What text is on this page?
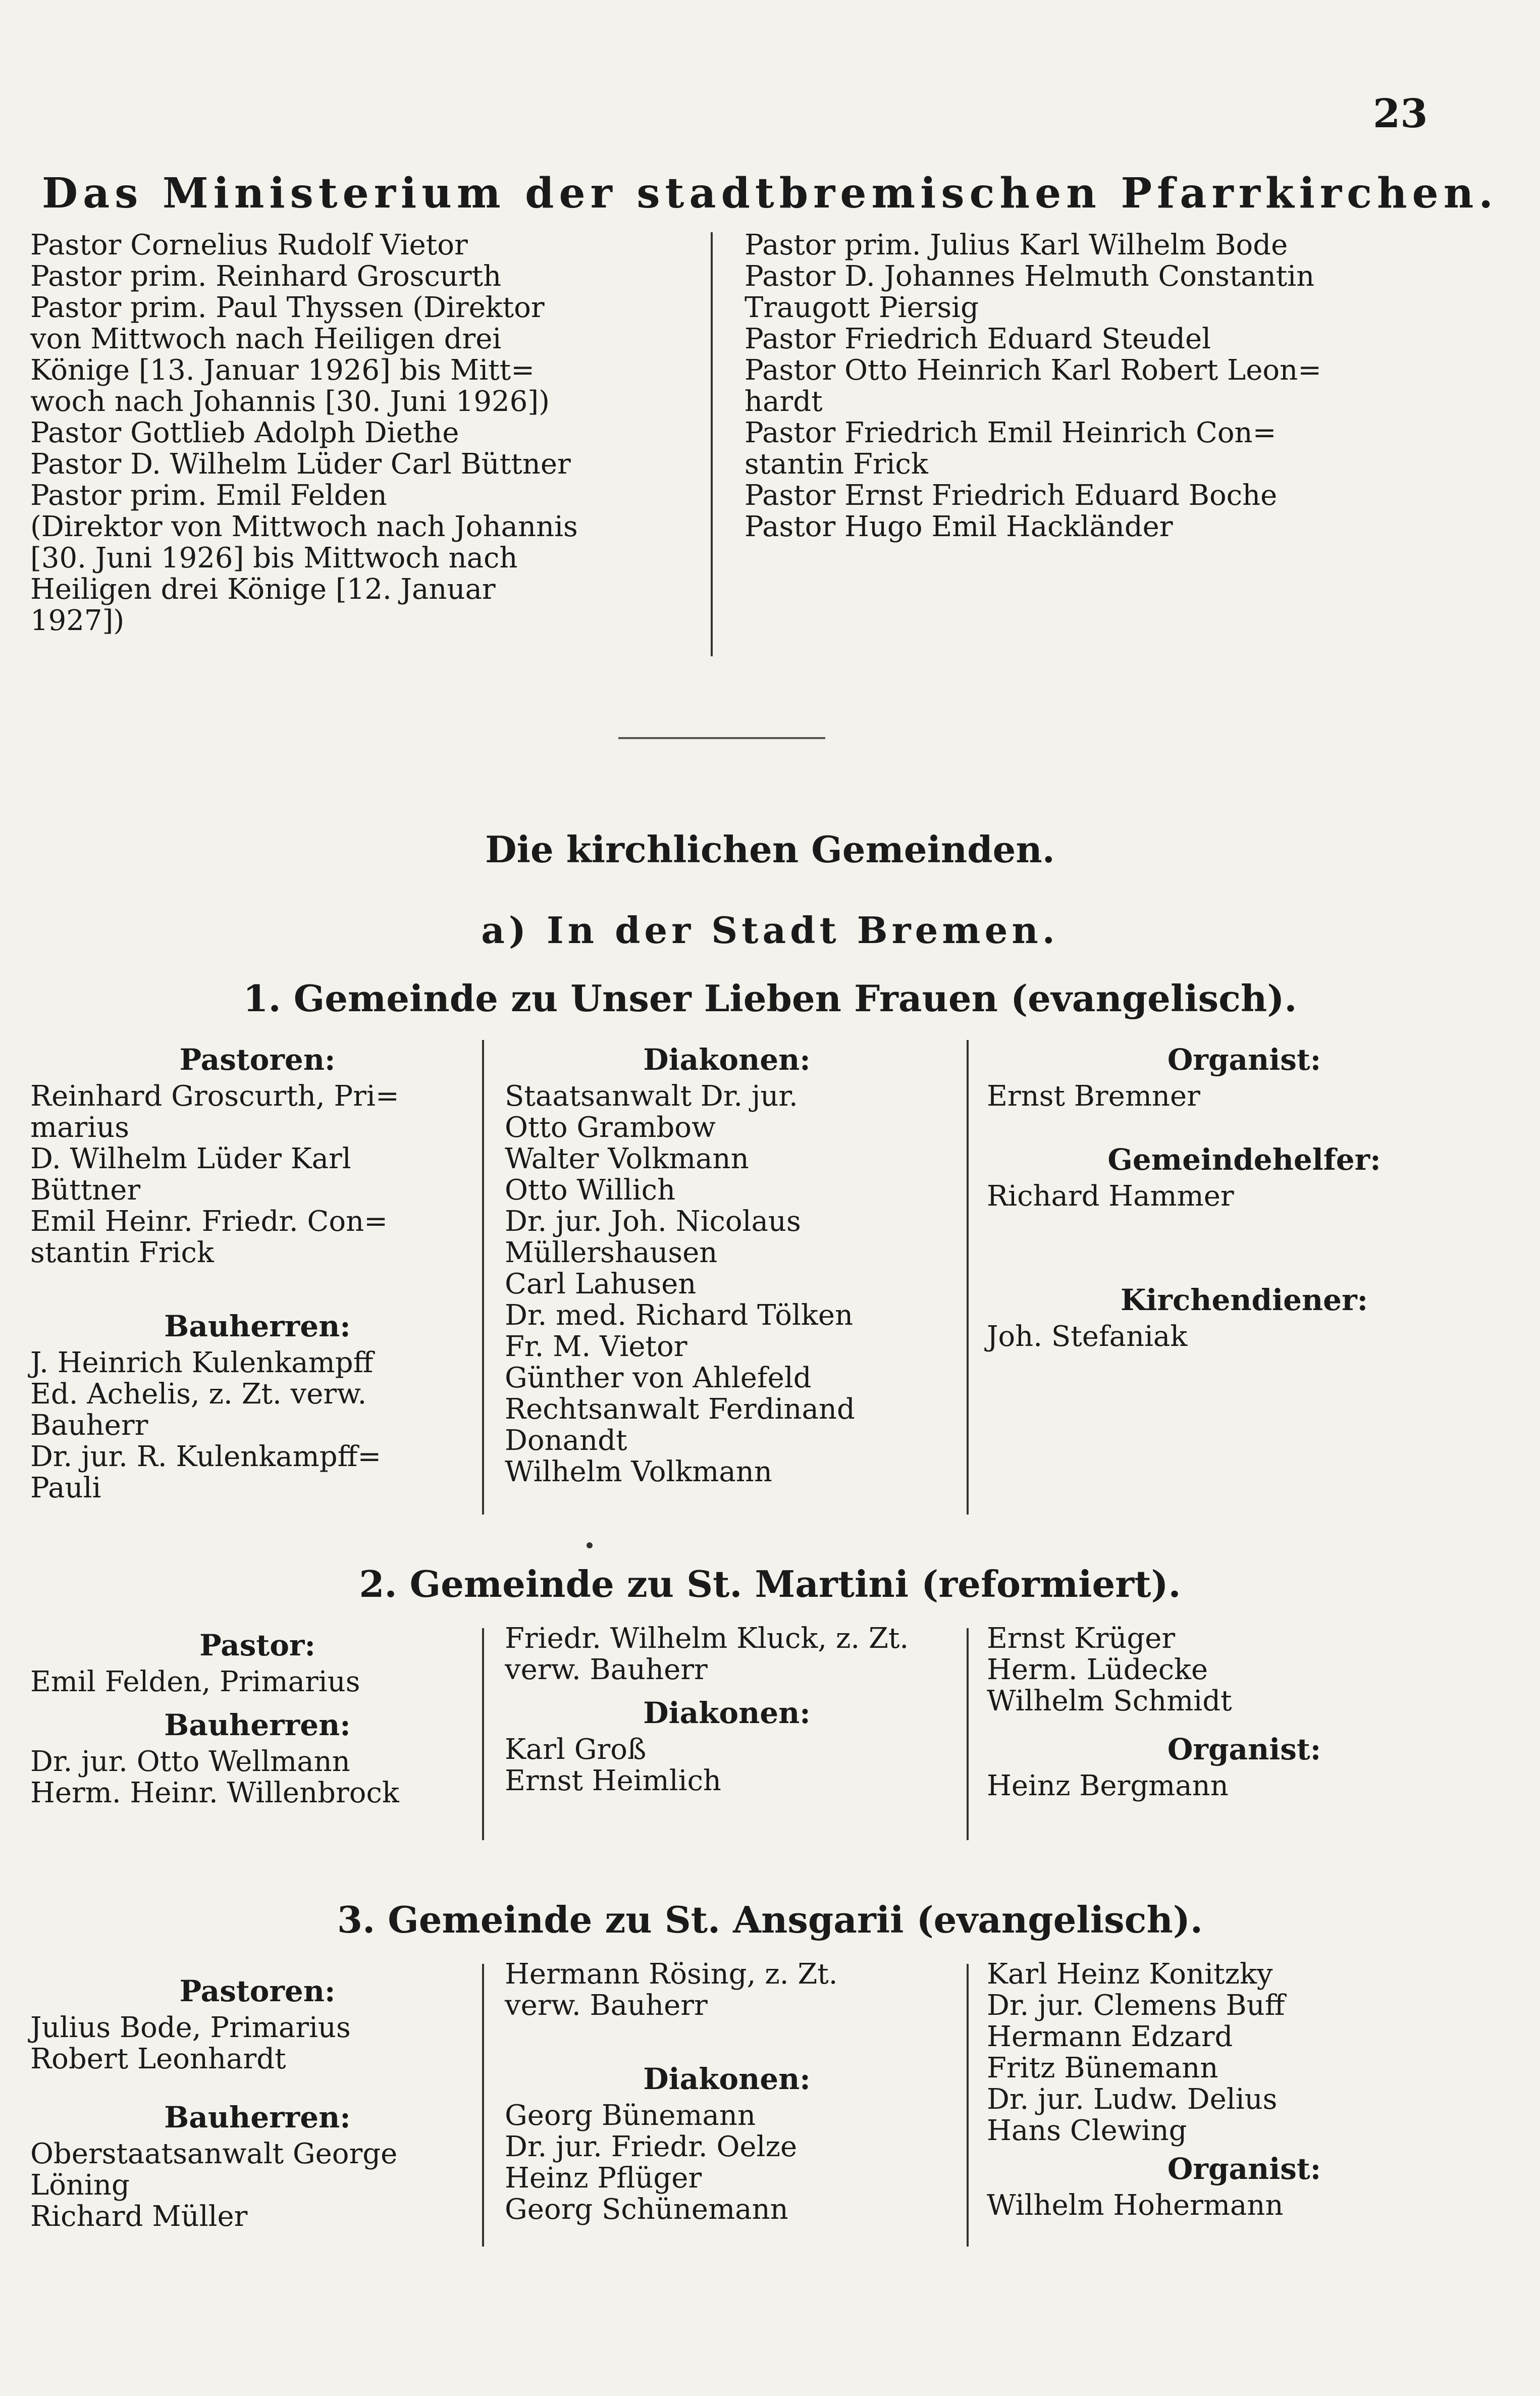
23
Das Ministerium der stadtbremischen Pfarrkirchen.
Pastor Cornelius Rudolf Vietor
Pastor prim. Reinhard Groscurth
Pastor prim. Paul Thyssen (Direktor
von Mittwoch nach Heiligen drei
Könige [13. Januar 1926] bis Mitt=
woch nach Johannis [30. Juni 1926])
Pastor Gottlieb Adolph Diethe
Pastor D. Wilhelm Lüder Carl Büttner
Pastor prim. Emil Felden
(Direktor von Mittwoch nach Johannis
[30. Juni 1926] bis Mittwoch nach
Heiligen drei Könige [12. Januar
1927])
Pastor prim. Julius Karl Wilhelm Bode
Pastor D. Johannes Helmuth Constantin
Traugott Piersig
Pastor Friedrich Eduard Steudel
Pastor Otto Heinrich Karl Robert Leon=
hardt
Pastor Friedrich Emil Heinrich Con=
stantin Frick
Pastor Ernst Friedrich Eduard Boche
Pastor Hugo Emil Hackländer
Die kirchlichen Gemeinden.
a) In der Stadt Bremen.
1. Gemeinde zu Unser Lieben Frauen (evangelisch).
Pastoren:
Reinhard Groscurth, Pri=
marius
D. Wilhelm Lüder Karl
Büttner
Emil Heinr. Friedr. Con=
stantin Frick
Bauherren:
J. Heinrich Kulenkampff
Ed. Achelis, z. Zt. verw.
Bauherr
Dr. jur. R. Kulenkampff=
Pauli
Diakonen:
Staatsanwalt Dr. jur.
Otto Grambow
Walter Volkmann
Otto Willich
Dr. jur. Joh. Nicolaus
Müllershausen
Carl Lahusen
Dr. med. Richard Tölken
Fr. M. Vietor
Günther von Ahlefeld
Rechtsanwalt Ferdinand
Donandt
Wilhelm Volkmann
Organist:
Ernst Bremner
Gemeindehelfer:
Richard Hammer
Kirchendiener:
Joh. Stefaniak
2. Gemeinde zu St. Martini (reformiert).
Pastor:
Emil Felden, Primarius
Bauherren:
Dr. jur. Otto Wellmann
Herm. Heinr. Willenbrock
Friedr. Wilhelm Kluck, z. Zt.
verw. Bauherr
Diakonen:
Karl Groß
Ernst Heimlich
Ernst Krüger
Herm. Lüdecke
Wilhelm Schmidt
Organist:
Heinz Bergmann
3. Gemeinde zu St. Ansgarii (evangelisch).
Pastoren:
Julius Bode, Primarius
Robert Leonhardt
Bauherren:
Oberstaatsanwalt George
Löning
Richard Müller
Hermann Rösing, z. Zt.
verw. Bauherr
Diakonen:
Georg Bünemann
Dr. jur. Friedr. Oelze
Heinz Pflüger
Georg Schünemann
Karl Heinz Konitzky
Dr. jur. Clemens Buff
Hermann Edzard
Fritz Bünemann
Dr. jur. Ludw. Delius
Hans Clewing
Organist:
Wilhelm Hohermann
